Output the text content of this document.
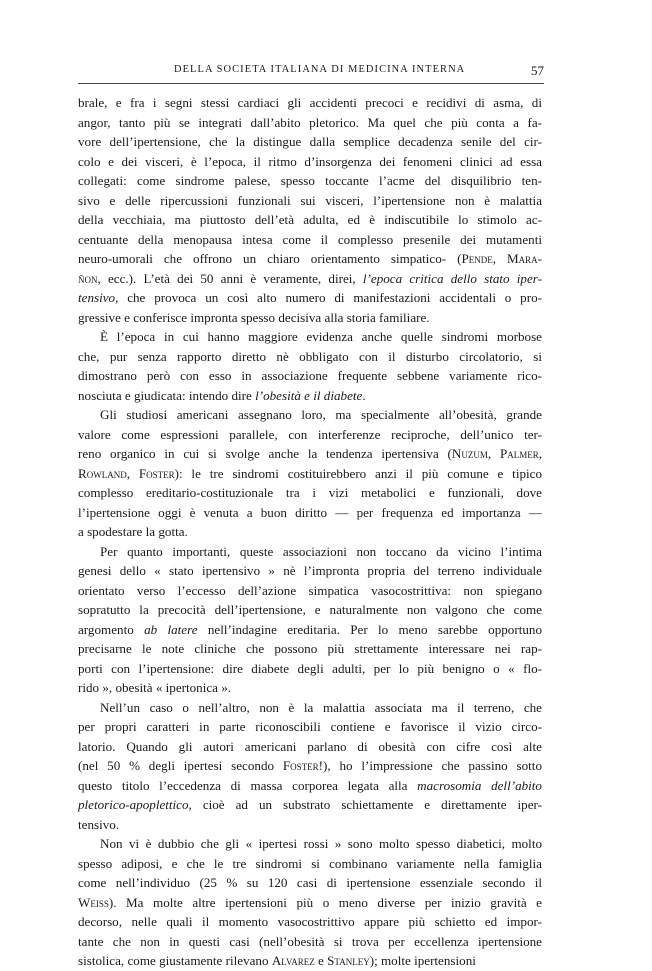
DELLA SOCIETA ITALIANA DI MEDICINA INTERNA	57
brale, e fra i segni stessi cardiaci gli accidenti precoci e recidivi di asma, di
angor, tanto più se integrati dall’abito pletorico. Ma quel che più conta a fa-
vore dell’ipertensione, che la distingue dalla semplice decadenza senile del cir-
colo e dei visceri, è l’epoca, il ritmo d’insorgenza dei fenomeni clinici ad essa
collegati: come sindrome palese, spesso toccante l’acme del disquilibrio ten-
sivo e delle ripercussioni funzionali sui visceri, l’ipertensione non è malattia
della vecchiaia, ma piuttosto dell’età adulta, ed è indiscutibile lo stimolo ac-
centuante della menopausa intesa come il complesso presenile dei mutamenti
neuro-umorali che offrono un chiaro orientamento simpatico- (Pende, Mara-
ñon, ecc.). L’età dei 50 anni è veramente, direi, l’epoca critica dello stato iper-
tensivo, che provoca un così alto numero di manifestazioni accidentali o pro-
gressive e conferisce impronta spesso decisiva alla storia familiare.
È l’epoca in cui hanno maggiore evidenza anche quelle sindromi morbose
che, pur senza rapporto diretto nè obbligato con il disturbo circolatorio, si
dimostrano però con esso in associazione frequente sebbene variamente rico-
nosciuta e giudicata: intendo dire l’obesità e il diabete.
Gli studiosi americani assegnano loro, ma specialmente all’obesità, grande
valore come espressioni parallele, con interferenze reciproche, dell’unico ter-
reno organico in cui si svolge anche la tendenza ipertensiva (Nuzum, Palmer,
Rowland, Foster): le tre sindromi costituirebbero anzi il più comune e tipico
complesso ereditario-costituzionale tra i vizi metabolici e funzionali, dove
l’ipertensione oggi è venuta a buon diritto — per frequenza ed importanza —
a spodestare la gotta.
Per quanto importanti, queste associazioni non toccano da vicino l’intima
genesi dello « stato ipertensivo » nè l’impronta propria del terreno individuale
orientato verso l’eccesso dell’azione simpatica vasocostrittiva: non spiegano
sopratutto la precocità dell’ipertensione, e naturalmente non valgono che come
argomento ab latere nell’indagine ereditaria. Per lo meno sarebbe opportuno
precisarne le note cliniche che possono più strettamente interessare nei rap-
porti con l’ipertensione: dire diabete degli adulti, per lo più benigno o « flo-
rido », obesità « ipertonica ».
Nell’un caso o nell’altro, non è la malattia associata ma il terreno, che
per propri caratteri in parte riconoscibili contiene e favorisce il vizio circo-
latorio. Quando gli autori americani parlano di obesità con cifre così alte
(nel 50 % degli ipertesi secondo Foster!), ho l’impressione che passino sotto
questo titolo l’eccedenza di massa corporea legata alla macrosomia dell’abito
pletorico-apoplettico, cioè ad un substrato schiettamente e direttamente iper-
tensivo.
Non vi è dubbio che gli « ipertesi rossi » sono molto spesso diabetici, molto
spesso adiposi, e che le tre sindromi si combinano variamente nella famiglia
come nell’individuo (25 % su 120 casi di ipertensione essenziale secondo il
Weiss). Ma molte altre ipertensioni più o meno diverse per inizio gravità e
decorso, nelle quali il momento vasocostrittivo appare più schietto ed impor-
tante che non in questi casi (nell’obesità si trova per eccellenza ipertensione
sistolica, come giustamente rilevano Alvarez e Stanley); molte ipertensioni
